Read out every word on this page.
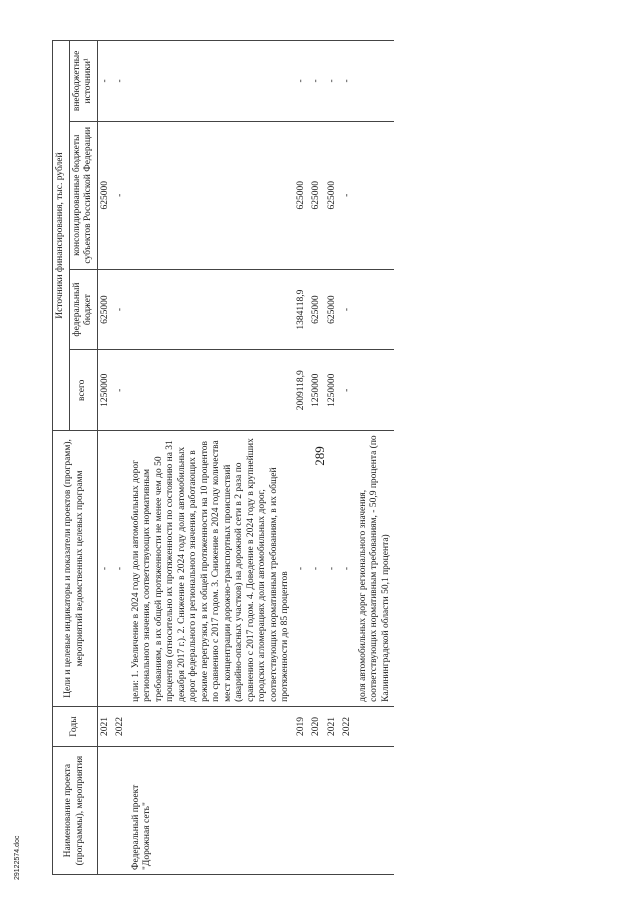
289
Наименование проекта (программы), мероприятия	Годы	Цели и целевые индикаторы и показатели проектов (программ), мероприятий ведомственных целевых программ	Источники финансирования, тыс. рублей			
			всего	федеральный бюджет	консолидированные бюджеты субъектов Российской Федерации	внебюджетные источники¹
	2021	-	1250000	625000	625000	-
	2022	-	-	-	-	-
Федеральный проект "Дорожная сеть"		цели: 1. Увеличение в 2024 году доли автомобильных дорог регионального значения, соответствующих нормативным требованиям, в их общей протяженности не менее чем до 50 процентов (относительно их протяженности по состоянию на 31 декабря 2017 г.). 2. Снижение в 2024 году доли автомобильных дорог федерального и регионального значения, работающих в режиме перегрузки, в их общей протяженности на 10 процентов по сравнению с 2017 годом. 3. Снижение в 2024 году количества мест концентрации дорожно-транспортных происшествий (аварийно-опасных участков) на дорожной сети в 2 раза по сравнению с 2017 годом. 4. Доведение в 2024 году в крупнейших городских агломерациях доли автомобильных дорог, соответствующих нормативным требованиям, в их общей протяженности до 85 процентов				
	2019	-	2009118,9	1384118,9	625000	-
	2020	-	1250000	625000	625000	-
	2021	-	1250000	625000	625000	-
	2022	-	-	-	-	-
		доля автомобильных дорог регионального значения, соответствующих нормативным требованиям, - 50,9 процента (по Калининградской области 50,1 процента)				
29122574.doc
